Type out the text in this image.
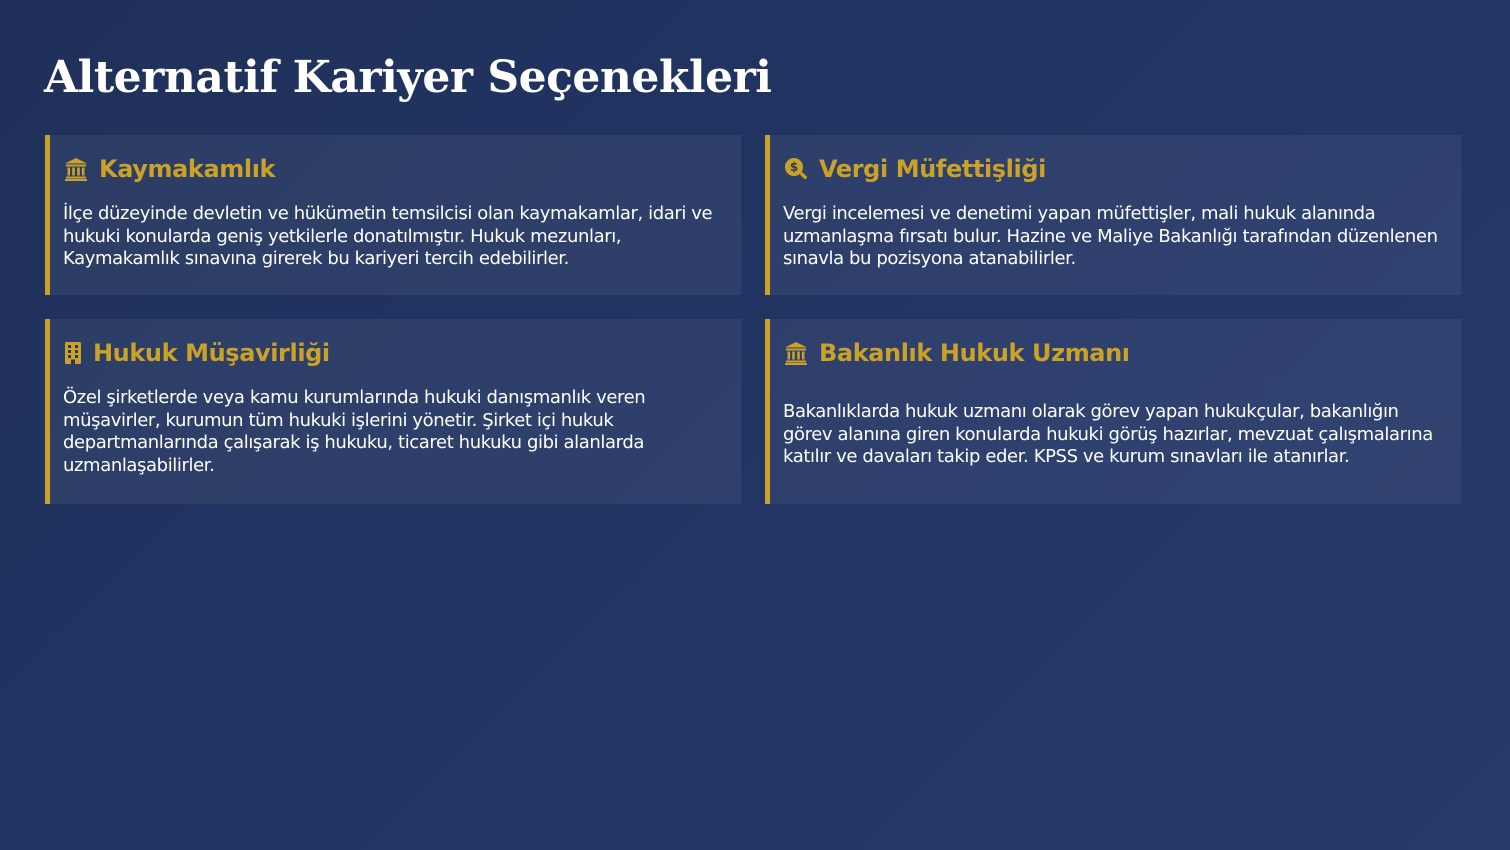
Alternatif Kariyer Seçenekleri
Kaymakamlık

İlçe düzeyinde devletin ve hükümetin temsilcisi olan kaymakamlar, idari ve hukuki konularda geniş yetkilerle donatılmıştır. Hukuk mezunları, Kaymakamlık sınavına girerek bu kariyeri tercih edebilirler.

$ Vergi Müfettişliği

Vergi incelemesi ve denetimi yapan müfettişler, mali hukuk alanında uzmanlaşma fırsatı bulur. Hazine ve Maliye Bakanlığı tarafından düzenlenen sınavla bu pozisyona atanabilirler.

Hukuk Müşavirliği

Özel şirketlerde veya kamu kurumlarında hukuki danışmanlık veren müşavirler, kurumun tüm hukuki işlerini yönetir. Şirket içi hukuk departmanlarında çalışarak iş hukuku, ticaret hukuku gibi alanlarda uzmanlaşabilirler.

Bakanlık Hukuk Uzmanı

Bakanlıklarda hukuk uzmanı olarak görev yapan hukukçular, bakanlığın görev alanına giren konularda hukuki görüş hazırlar, mevzuat çalışmalarına katılır ve davaları takip eder. KPSS ve kurum sınavları ile atanırlar.
